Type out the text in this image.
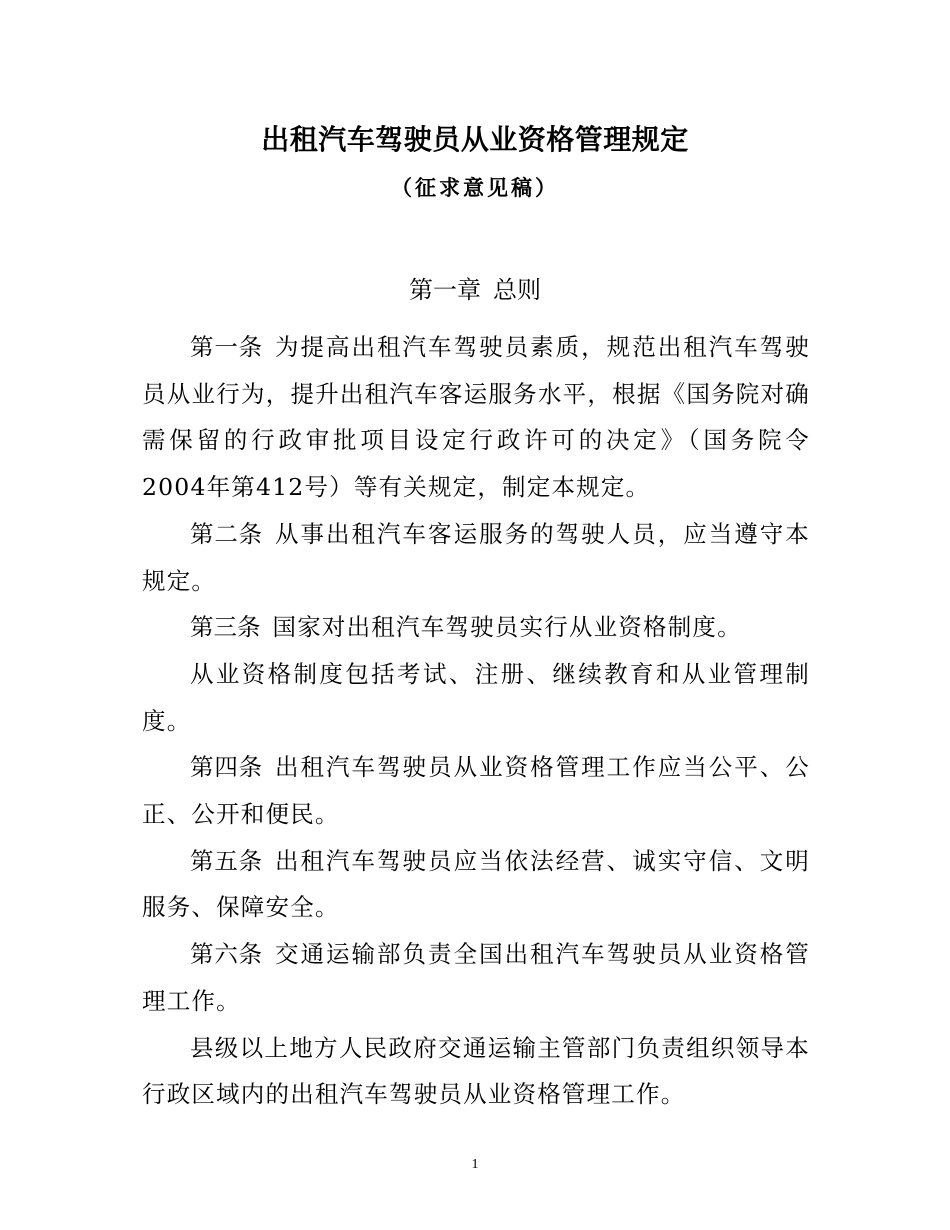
出租汽车驾驶员从业资格管理规定
（征求意见稿）
第一章 总则

第一条 为提高出租汽车驾驶员素质，规范出租汽车驾驶员从业行为，提升出租汽车客运服务水平，根据《国务院对确需保留的行政审批项目设定行政许可的决定》（国务院令2004年第412号）等有关规定，制定本规定。

第二条 从事出租汽车客运服务的驾驶人员，应当遵守本规定。

第三条 国家对出租汽车驾驶员实行从业资格制度。

从业资格制度包括考试、注册、继续教育和从业管理制度。

第四条 出租汽车驾驶员从业资格管理工作应当公平、公正、公开和便民。

第五条 出租汽车驾驶员应当依法经营、诚实守信、文明服务、保障安全。

第六条 交通运输部负责全国出租汽车驾驶员从业资格管理工作。

县级以上地方人民政府交通运输主管部门负责组织领导本行政区域内的出租汽车驾驶员从业资格管理工作。

1
